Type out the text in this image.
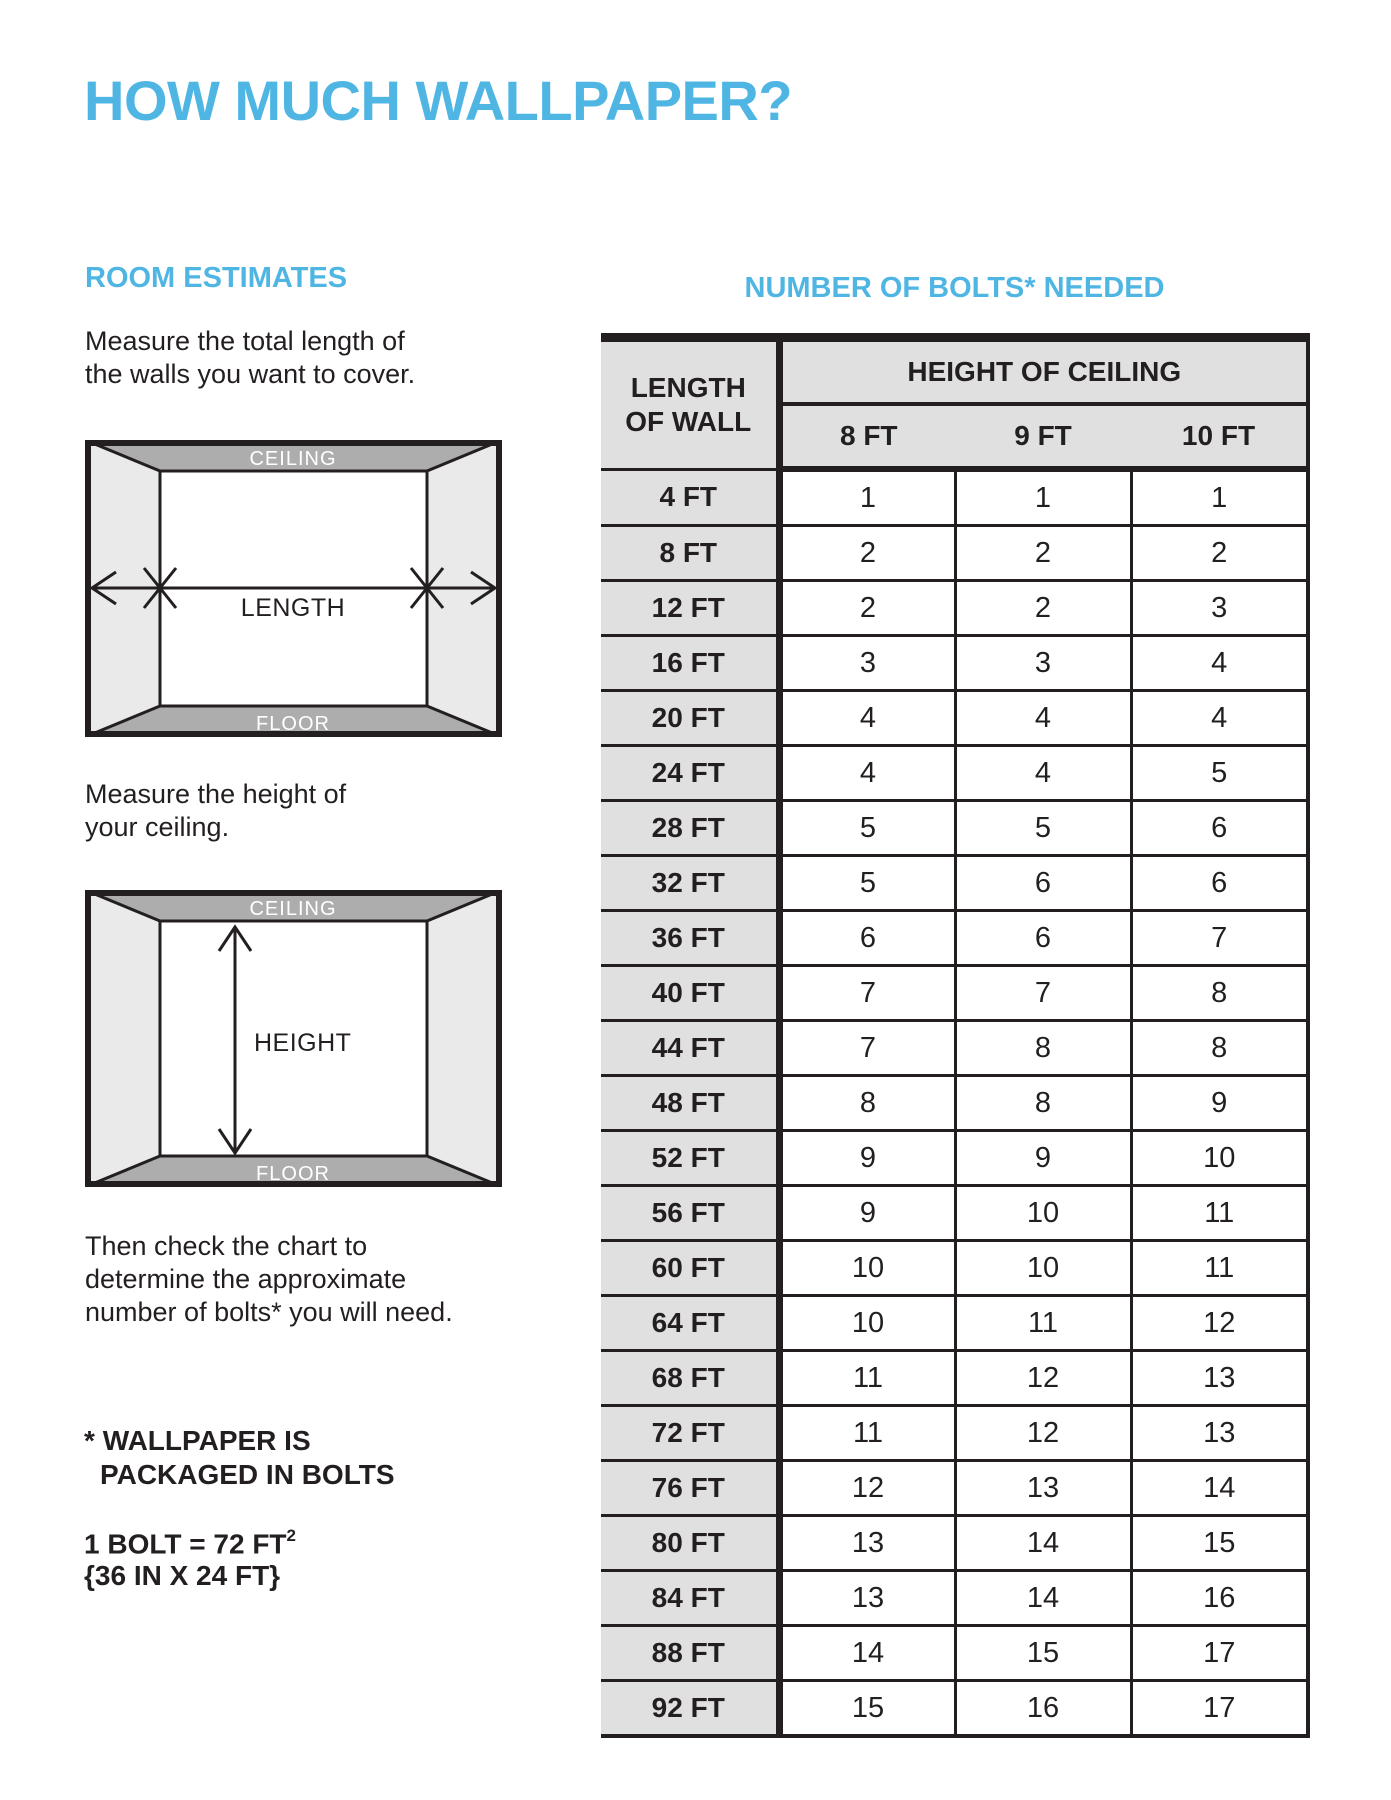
HOW MUCH WALLPAPER?
ROOM ESTIMATES
Measure the total length of
the walls you want to cover.
CEILING
FLOOR
LENGTH
Measure the height of
your ceiling.
CEILING
FLOOR
HEIGHT
Then check the chart to
determine the approximate
number of bolts* you will need.
* WALLPAPER IS
PACKAGED IN BOLTS
1 BOLT = 72 $FT^2$
{36 IN X 24 FT}
NUMBER OF BOLTS* NEEDED
LENGTH
OF WALL	HEIGHT OF CEILING		
	8 FT	9 FT	10 FT
4 FT	1	1	1
8 FT	2	2	2
12 FT	2	2	3
16 FT	3	3	4
20 FT	4	4	4
24 FT	4	4	5
28 FT	5	5	6
32 FT	5	6	6
36 FT	6	6	7
40 FT	7	7	8
44 FT	7	8	8
48 FT	8	8	9
52 FT	9	9	10
56 FT	9	10	11
60 FT	10	10	11
64 FT	10	11	12
68 FT	11	12	13
72 FT	11	12	13
76 FT	12	13	14
80 FT	13	14	15
84 FT	13	14	16
88 FT	14	15	17
92 FT	15	16	17
